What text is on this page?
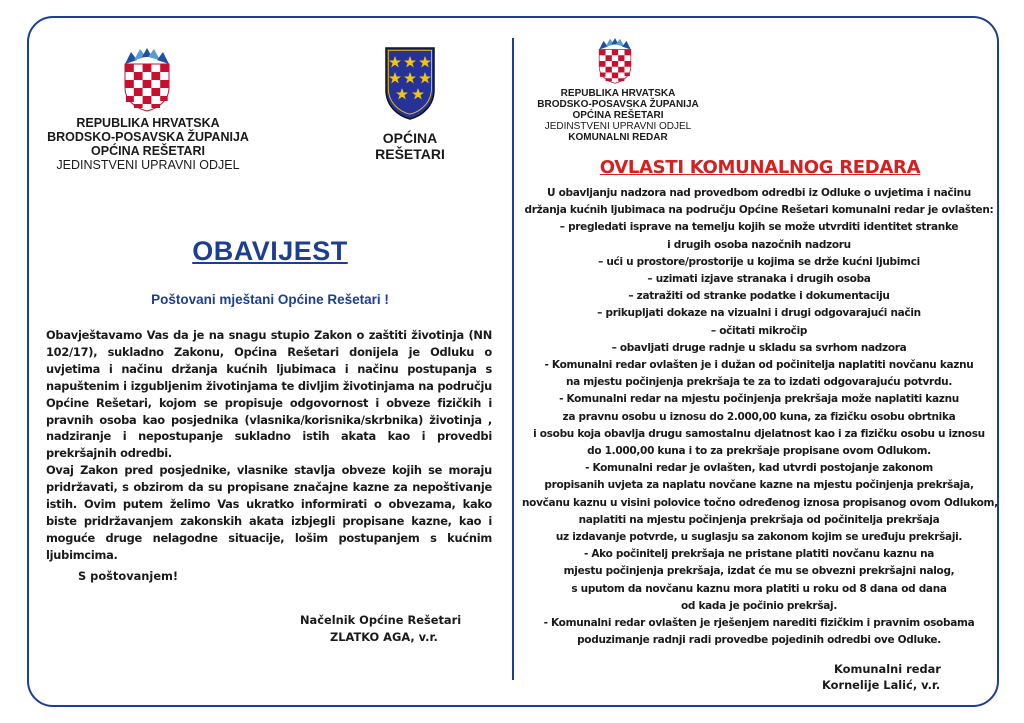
REPUBLIKA HRVATSKA
BRODSKO-POSAVSKA ŽUPANIJA
OPĆINA REŠETARI
JEDINSTVENI UPRAVNI ODJEL
OPĆINA
REŠETARI
OBAVIJEST
Poštovani mještani Općine Rešetari !

Obavještavamo Vas da je na snagu stupio Zakon o zaštiti životinja (NN 102/17), sukladno Zakonu, Općina Rešetari donijela je Odluku o uvjetima i načinu držanja kućnih ljubimaca i načinu postupanja s napuštenim i izgubljenim životinjama te divljim životinjama na području Općine Rešetari, kojom se propisuje odgovornost i obveze fizičkih i pravnih osoba kao posjednika (vlasnika/korisnika/skrbnika) životinja , nadziranje i nepostupanje sukladno istih akata kao i provedbi prekršajnih odredbi.

Ovaj Zakon pred posjednike, vlasnike stavlja obveze kojih se moraju pridržavati, s obzirom da su propisane značajne kazne za nepoštivanje istih. Ovim putem želimo Vas ukratko informirati o obvezama, kako biste pridržavanjem zakonskih akata izbjegli propisane kazne, kao i moguće druge nelagodne situacije, lošim postupanjem s kućnim ljubimcima.

S poštovanjem!
Načelnik Općine Rešetari
ZLATKO AGA, v.r.
REPUBLIKA HRVATSKA
BRODSKO-POSAVSKA ŽUPANIJA
OPĆINA REŠETARI
JEDINSTVENI UPRAVNI ODJEL
KOMUNALNI REDAR
OVLASTI KOMUNALNOG REDARA
U obavljanju nadzora nad provedbom odredbi iz Odluke o uvjetima i načinu
držanja kućnih ljubimaca na području Općine Rešetari komunalni redar je ovlašten:
– pregledati isprave na temelju kojih se može utvrditi identitet stranke
i drugih osoba nazočnih nadzoru
– ući u prostore/prostorije u kojima se drže kućni ljubimci
– uzimati izjave stranaka i drugih osoba
– zatražiti od stranke podatke i dokumentaciju
– prikupljati dokaze na vizualni i drugi odgovarajući način
– očitati mikročip
– obavljati druge radnje u skladu sa svrhom nadzora
- Komunalni redar ovlašten je i dužan od počinitelja naplatiti novčanu kaznu
na mjestu počinjenja prekršaja te za to izdati odgovarajuću potvrdu.
- Komunalni redar na mjestu počinjenja prekršaja može naplatiti kaznu
za pravnu osobu u iznosu do 2.000,00 kuna, za fizičku osobu obrtnika
i osobu koja obavlja drugu samostalnu djelatnost kao i za fizičku osobu u iznosu
do 1.000,00 kuna i to za prekršaje propisane ovom Odlukom.
- Komunalni redar je ovlašten, kad utvrdi postojanje zakonom
propisanih uvjeta za naplatu novčane kazne na mjestu počinjenja prekršaja,
novčanu kaznu u visini polovice točno određenog iznosa propisanog ovom Odlukom,
naplatiti na mjestu počinjenja prekršaja od počinitelja prekršaja
uz izdavanje potvrde, u suglasju sa zakonom kojim se uređuju prekršaji.
- Ako počinitelj prekršaja ne pristane platiti novčanu kaznu na
mjestu počinjenja prekršaja, izdat će mu se obvezni prekršajni nalog,
s uputom da novčanu kaznu mora platiti u roku od 8 dana od dana
od kada je počinio prekršaj.
- Komunalni redar ovlašten je rješenjem narediti fizičkim i pravnim osobama
poduzimanje radnji radi provedbe pojedinih odredbi ove Odluke.
Komunalni redar
Kornelije Lalić, v.r.
